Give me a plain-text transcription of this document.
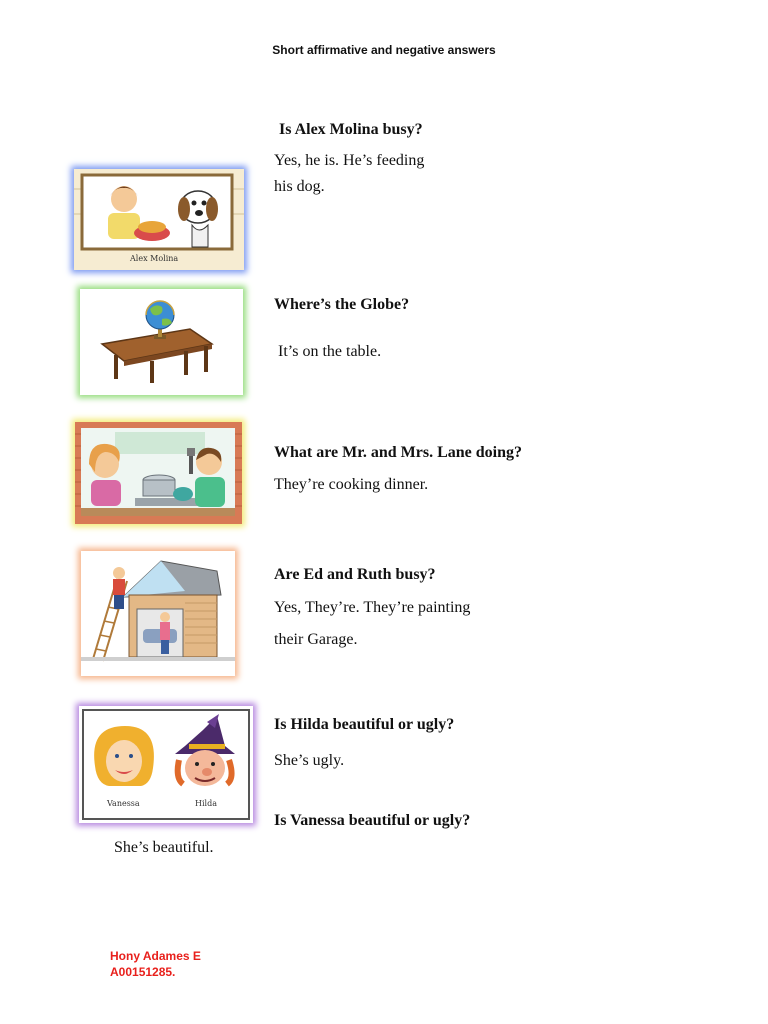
Short affirmative and negative answers
Alex Molina
Is Alex Molina busy?
Yes, he is. He’s feeding
his dog.
Where’s the Globe?
It’s on the table.
What are Mr. and Mrs. Lane doing?
They’re cooking dinner.
Are Ed and Ruth busy?
Yes, They’re. They’re painting
their Garage.
Vanessa	Hilda
Is Hilda beautiful or ugly?
She’s ugly.
Is Vanessa beautiful or ugly?
She’s beautiful.
Hony Adames E
A00151285.
